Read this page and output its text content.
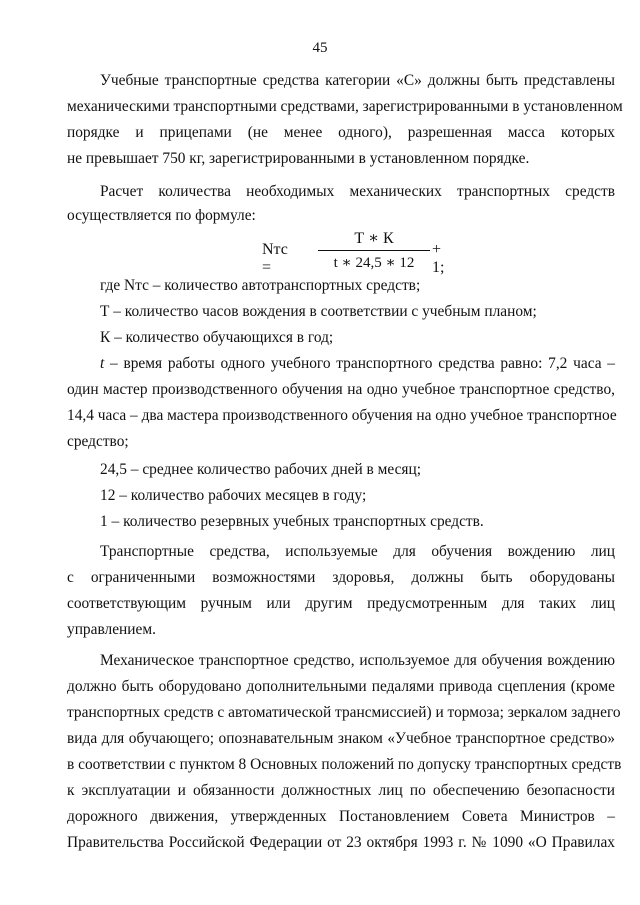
45
Учебные транспортные средства категории «С» должны быть представлены
механическими транспортными средствами, зарегистрированными в установленном
порядке и прицепами (не менее одного), разрешенная масса которых
не превышает 750 кг, зарегистрированными в установленном порядке.
Расчет количества необходимых механических транспортных средств
осуществляется по формуле:
Nтс =
Т ∗ К
t ∗ 24,5 ∗ 12
+ 1;
где Nтс – количество автотранспортных средств;
Т – количество часов вождения в соответствии с учебным планом;
К – количество обучающихся в год;
t – время работы одного учебного транспортного средства равно: 7,2 часа –
один мастер производственного обучения на одно учебное транспортное средство,
14,4 часа – два мастера производственного обучения на одно учебное транспортное
средство;
24,5 – среднее количество рабочих дней в месяц;
12 – количество рабочих месяцев в году;
1 – количество резервных учебных транспортных средств.
Транспортные средства, используемые для обучения вождению лиц
с ограниченными возможностями здоровья, должны быть оборудованы
соответствующим ручным или другим предусмотренным для таких лиц
управлением.
Механическое транспортное средство, используемое для обучения вождению
должно быть оборудовано дополнительными педалями привода сцепления (кроме
транспортных средств с автоматической трансмиссией) и тормоза; зеркалом заднего
вида для обучающего; опознавательным знаком «Учебное транспортное средство»
в соответствии с пунктом 8 Основных положений по допуску транспортных средств
к эксплуатации и обязанности должностных лиц по обеспечению безопасности
дорожного движения, утвержденных Постановлением Совета Министров –
Правительства Российской Федерации от 23 октября 1993 г. № 1090 «О Правилах
